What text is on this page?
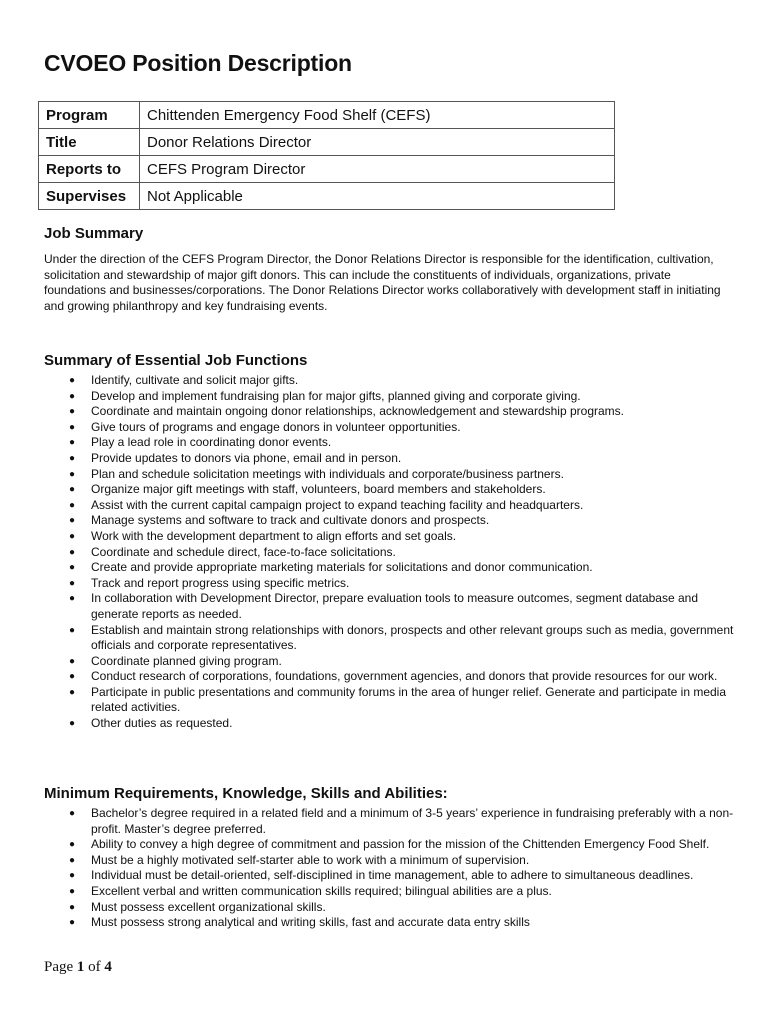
CVOEO Position Description
Program	Chittenden Emergency Food Shelf (CEFS)
Title	Donor Relations Director
Reports to	CEFS Program Director
Supervises	Not Applicable
Job Summary

Under the direction of the CEFS Program Director, the Donor Relations Director is responsible for the identification, cultivation, solicitation and stewardship of major gift donors. This can include the constituents of individuals, organizations, private foundations and businesses/corporations. The Donor Relations Director works collaboratively with development staff in initiating and growing philanthropy and key fundraising events.

Summary of Essential Job Functions
● Identify, cultivate and solicit major gifts.
● Develop and implement fundraising plan for major gifts, planned giving and corporate giving.
● Coordinate and maintain ongoing donor relationships, acknowledgement and stewardship programs.
● Give tours of programs and engage donors in volunteer opportunities.
● Play a lead role in coordinating donor events.
● Provide updates to donors via phone, email and in person.
● Plan and schedule solicitation meetings with individuals and corporate/business partners.
● Organize major gift meetings with staff, volunteers, board members and stakeholders.
● Assist with the current capital campaign project to expand teaching facility and headquarters.
● Manage systems and software to track and cultivate donors and prospects.
● Work with the development department to align efforts and set goals.
● Coordinate and schedule direct, face-to-face solicitations.
● Create and provide appropriate marketing materials for solicitations and donor communication.
● Track and report progress using specific metrics.
● In collaboration with Development Director, prepare evaluation tools to measure outcomes, segment database and generate reports as needed.
● Establish and maintain strong relationships with donors, prospects and other relevant groups such as media, government officials and corporate representatives.
● Coordinate planned giving program.
● Conduct research of corporations, foundations, government agencies, and donors that provide resources for our work.
● Participate in public presentations and community forums in the area of hunger relief. Generate and participate in media related activities.
● Other duties as requested.
Minimum Requirements, Knowledge, Skills and Abilities:
● Bachelor’s degree required in a related field and a minimum of 3-5 years’ experience in fundraising preferably with a non-profit. Master’s degree preferred.
● Ability to convey a high degree of commitment and passion for the mission of the Chittenden Emergency Food Shelf.
● Must be a highly motivated self-starter able to work with a minimum of supervision.
● Individual must be detail-oriented, self-disciplined in time management, able to adhere to simultaneous deadlines.
● Excellent verbal and written communication skills required; bilingual abilities are a plus.
● Must possess excellent organizational skills.
● Must possess strong analytical and writing skills, fast and accurate data entry skills
Page 1 of 4
